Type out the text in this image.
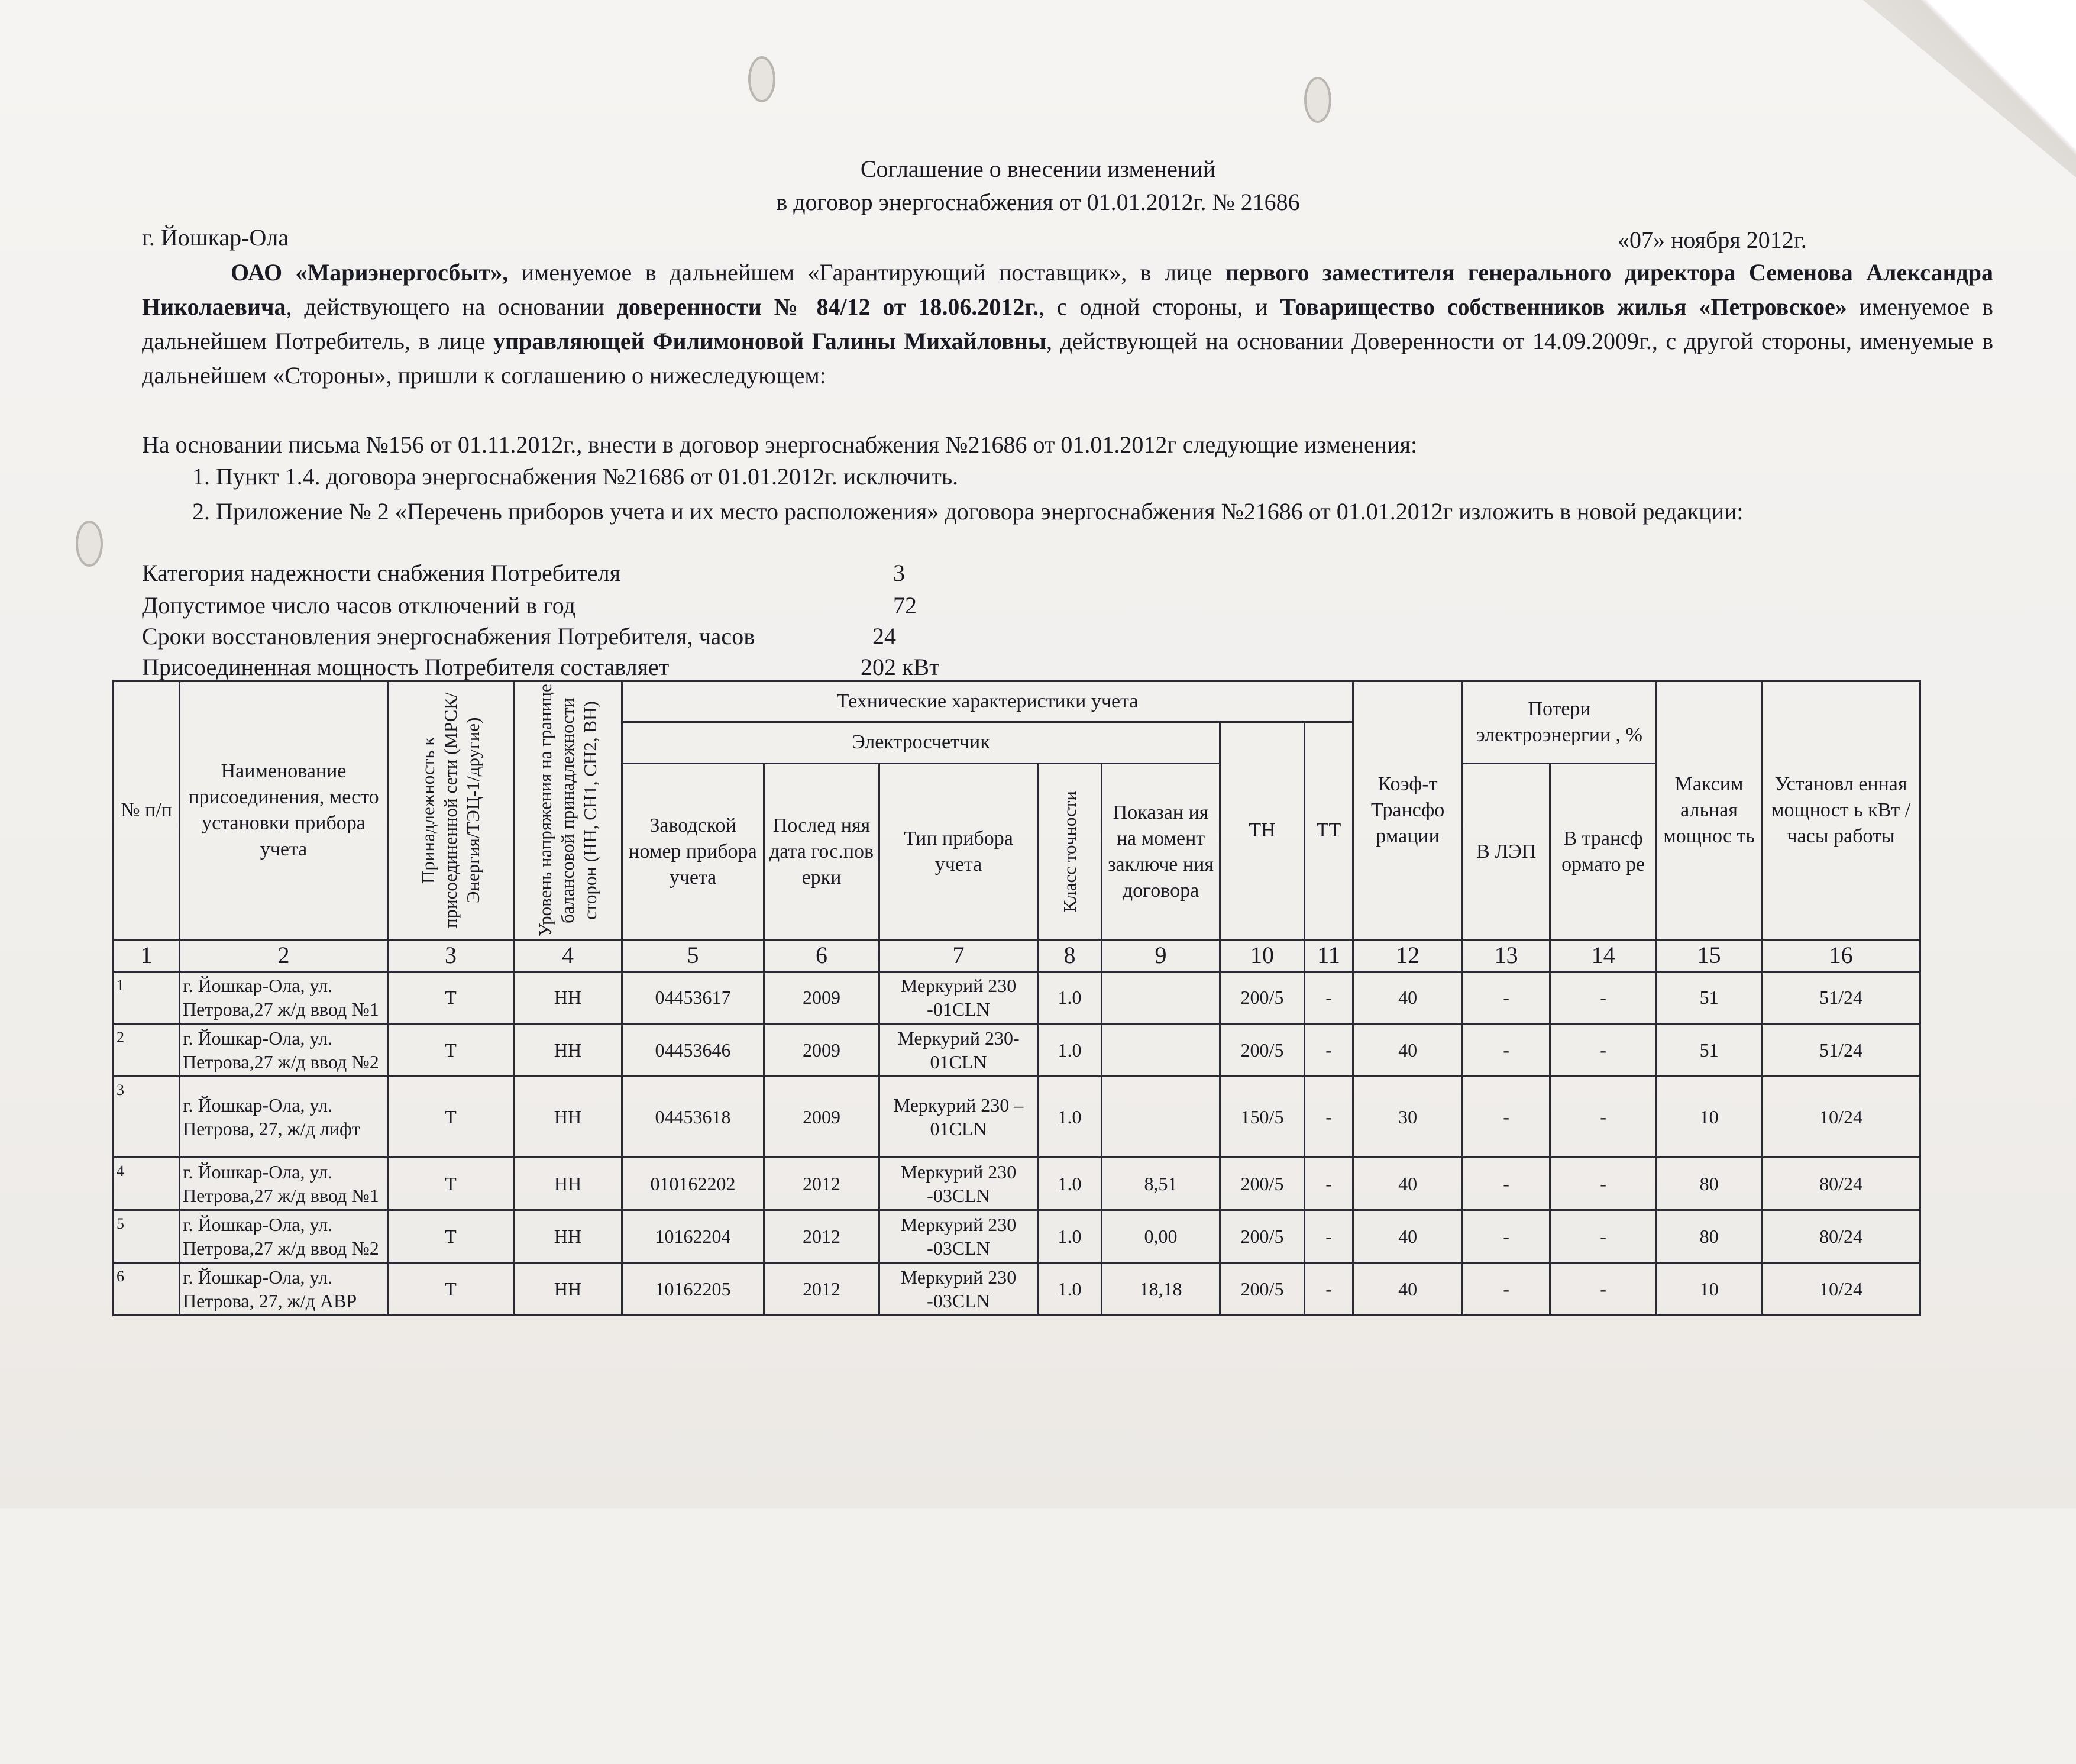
Соглашение о внесении изменений
в договор энергоснабжения от 01.01.2012г. № 21686
г. Йошкар-Ола	«07» ноября 2012г.
ОАО «Мариэнергосбыт», именуемое в дальнейшем «Гарантирующий поставщик», в лице первого заместителя генерального директора Семенова Александра Николаевича, действующего на основании доверенности № 84/12 от 18.06.2012г., с одной стороны, и Товарищество собственников жилья «Петровское» именуемое в дальнейшем Потребитель, в лице управляющей Филимоновой Галины Михайловны, действующей на основании Доверенности от 14.09.2009г., с другой стороны, именуемые в дальнейшем «Стороны», пришли к соглашению о нижеследующем:
На основании письма №156 от 01.11.2012г., внести в договор энергоснабжения №21686 от 01.01.2012г следующие изменения:
1. Пункт 1.4. договора энергоснабжения №21686 от 01.01.2012г. исключить.
2. Приложение № 2 «Перечень приборов учета и их место расположения» договора энергоснабжения №21686 от 01.01.2012г изложить в новой редакции:
Категория надежности снабжения Потребителя	3
Допустимое число часов отключений в год	72
Сроки восстановления энергоснабжения Потребителя, часов	24
Присоединенная мощность Потребителя составляет	202 кВт
№ п/п	Наименование присоединения, место установки прибора учета	Принадлежность к присоединенной сети (МРСК/Энергия/ТЭЦ-1/другие)	Уровень напряжения на границе балансовой принадлежности сторон (НН, СН1, СН2, ВН)	Технические характеристики учета							Коэф-т Трансфо рмации	Потери электроэнергии , %		Максим альная мощнос ть	Установл енная мощност ь кВт /часы работы
				Электросчетчик					ТН	ТТ					
				Заводской номер прибора учета	Послед няя дата гос.пов ерки	Тип прибора учета	Класс точности	Показан ия на момент заключе ния договора				В ЛЭП	В трансф ормато ре		
1	2	3	4	5	6	7	8	9	10	11	12	13	14	15	16
1	г. Йошкар-Ола, ул. Петрова,27 ж/д ввод №1	Т	НН	04453617	2009	Меркурий 230 -01CLN	1.0		200/5	-	40	-	-	51	51/24
2	г. Йошкар-Ола, ул. Петрова,27 ж/д ввод №2	Т	НН	04453646	2009	Меркурий 230-01CLN	1.0		200/5	-	40	-	-	51	51/24
3	г. Йошкар-Ола, ул. Петрова, 27, ж/д лифт	Т	НН	04453618	2009	Меркурий 230 – 01CLN	1.0		150/5	-	30	-	-	10	10/24
4	г. Йошкар-Ола, ул. Петрова,27 ж/д ввод №1	Т	НН	010162202	2012	Меркурий 230 -03CLN	1.0	8,51	200/5	-	40	-	-	80	80/24
5	г. Йошкар-Ола, ул. Петрова,27 ж/д ввод №2	Т	НН	10162204	2012	Меркурий 230 -03CLN	1.0	0,00	200/5	-	40	-	-	80	80/24
6	г. Йошкар-Ола, ул. Петрова, 27, ж/д АВР	Т	НН	10162205	2012	Меркурий 230 -03CLN	1.0	18,18	200/5	-	40	-	-	10	10/24
